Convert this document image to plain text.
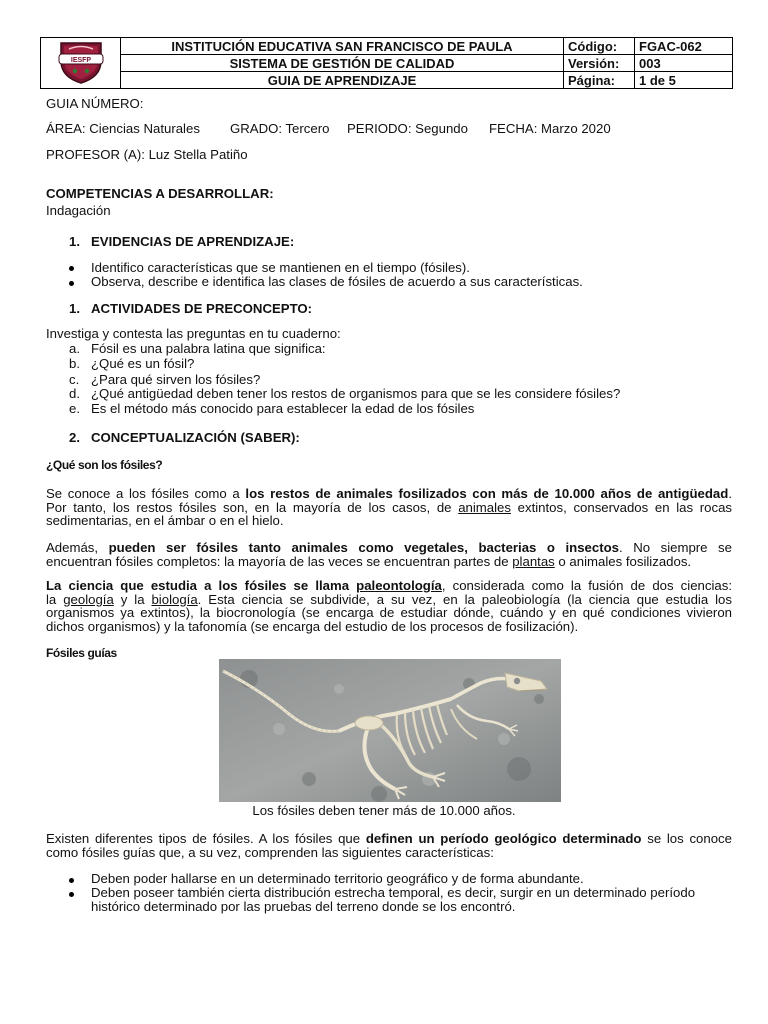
IESFP	INSTITUCIÓN EDUCATIVA SAN FRANCISCO DE PAULA	Código:	FGAC-062
	SISTEMA DE GESTIÓN DE CALIDAD	Versión:	003
	GUIA DE APRENDIZAJE	Página:	1 de 5
GUIA NÚMERO:
ÁREA: Ciencias Naturales GRADO: Tercero PERIODO: Segundo FECHA: Marzo 2020
PROFESOR (A): Luz Stella Patiño
COMPETENCIAS A DESARROLLAR:
Indagación
1. EVIDENCIAS DE APRENDIZAJE:
Identifico características que se mantienen en el tiempo (fósiles).
Observa, describe e identifica las clases de fósiles de acuerdo a sus características.
1. ACTIVIDADES DE PRECONCEPTO:
Investiga y contesta las preguntas en tu cuaderno:
a. Fósil es una palabra latina que significa:
b. ¿Qué es un fósil?
c. ¿Para qué sirven los fósiles?
d. ¿Qué antigüedad deben tener los restos de organismos para que se les considere fósiles?
e. Es el método más conocido para establecer la edad de los fósiles
2. CONCEPTUALIZACIÓN (SABER):
¿Qué son los fósiles?
Se conoce a los fósiles como a los restos de animales fosilizados con más de 10.000 años de antigüedad.
Por tanto, los restos fósiles son, en la mayoría de los casos, de animales extintos, conservados en las rocas
sedimentarias, en el ámbar o en el hielo.
Además, pueden ser fósiles tanto animales como vegetales, bacterias o insectos. No siempre se
encuentran fósiles completos: la mayoría de las veces se encuentran partes de plantas o animales fosilizados.
La ciencia que estudia a los fósiles se llama paleontología, considerada como la fusión de dos ciencias:
la geología y la biología. Esta ciencia se subdivide, a su vez, en la paleobiología (la ciencia que estudia los
organismos ya extintos), la biocronología (se encarga de estudiar dónde, cuándo y en qué condiciones vivieron
dichos organismos) y la tafonomía (se encarga del estudio de los procesos de fosilización).
Fósiles guías
Los fósiles deben tener más de 10.000 años.
Existen diferentes tipos de fósiles. A los fósiles que definen un período geológico determinado se los conoce
como fósiles guías que, a su vez, comprenden las siguientes características:
Deben poder hallarse en un determinado territorio geográfico y de forma abundante.
Deben poseer también cierta distribución estrecha temporal, es decir, surgir en un determinado período
histórico determinado por las pruebas del terreno donde se los encontró.
